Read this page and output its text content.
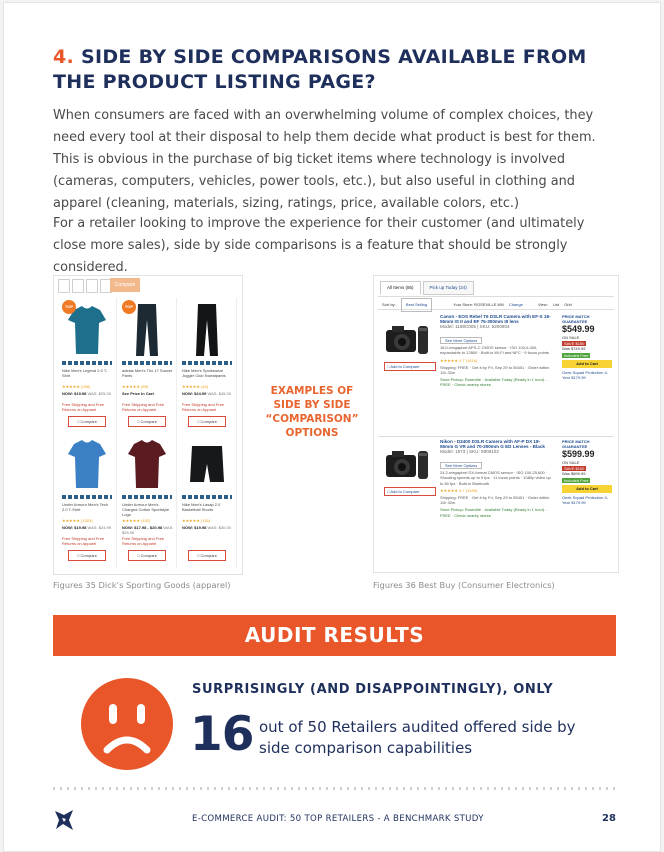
4. SIDE BY SIDE COMPARISONS AVAILABLE FROM THE PRODUCT LISTING PAGE?

When consumers are faced with an overwhelming volume of complex choices, they need every tool at their disposal to help them decide what product is best for them. This is obvious in the purchase of big ticket items where technology is involved (cameras, computers, vehicles, power tools, etc.), but also useful in clothing and apparel (cleaning, materials, sizing, ratings, price, available colors, etc.)

For a retailer looking to improve the experience for their customer (and ultimately close more sales), side by side comparisons is a feature that should be strongly considered.

Compare
Nike Men's Legend 2.0 T-Shirt
★★★★★ (256)
NOW: $19.98 WAS: $25.00
Free Shipping and Free Returns on Apparel
□ Compare
TOP
adidas Men's Tiro 17 Soccer Pants
★★★★★ (89)
See Price In Cart
Free Shipping and Free Returns on Apparel
□ Compare
TOP
Nike Men's Sportswear Jogger Club Sweatpants
★★★★★ (40)
NOW: $24.99 WAS: $45.00
Free Shipping and Free Returns on Apparel
□ Compare
Under Armour Men's Tech 2.0 T-Shirt
★★★★★ (1003)
NOW: $19.98 WAS: $24.99
Free Shipping and Free Returns on Apparel
□ Compare
Under Armour Men's Charged Cotton Sportstyle Logo
★★★★★ (152)
NOW: $17.98 - $20.98 WAS: $25.00
Free Shipping and Free Returns on Apparel
□ Compare
Nike Men's Lasap 2.0 Basketball Shorts
★★★★★ (116)
NOW: $19.98 WAS: $30.00
□ Compare
EXAMPLES OF SIDE BY SIDE “COMPARISON” OPTIONS
All Items (86)	Pick up Today (24)
Sort by:	Best Selling	Your Store: ROSEVILLE MN Change	View: List Grid
□ Add to Compare
Canon - EOS Rebel T6 DSLR Camera with EF-S 18-55mm IS II and EF 75-300mm III lens
Model: 1159C005 | SKU: 5200904
See More Options
18.0-megapixel APS-C CMOS sensor · ISO 100-6,400, expandable to 12800 · Built-in Wi-Fi and NFC · 9 focus points
★★★★★ 4.7 (1616)
Shipping: FREE · Get it by Fri, Sep 29 to 55401 · Order within 11h 32m
Store Pickup: Roseville · Available Today (Ready in 1 hour) - FREE · Check nearby stores
PRICE MATCH GUARANTEE
$549.99
ON SALE
SAVE $150
Was $749.99
Included Free
Add to Cart
Geek Squad Protection 4-Year $179.99
□ Add to Compare
Nikon - D3400 DSLR Camera with AF-P DX 18-55mm G VR and 70-300mm G ED Lenses - Black
Model: 1573 | SKU: 5909102
See More Options
24.2-megapixel DX-format CMOS sensor · ISO 100-25,600 · Shooting speeds up to 5 fps · 11 focus points · 1080p video up to 60 fps · Built-in Bluetooth
★★★★★ 4.7 (1459)
Shipping: FREE · Get it by Fri, Sep 29 to 55401 · Order within 11h 32m
Store Pickup: Roseville · Available Today (Ready in 1 hour) - FREE · Check nearby stores
PRICE MATCH GUARANTEE
$599.99
ON SALE
SAVE $100
Was $699.99
Included Free
Add to Cart
Geek Squad Protection 4-Year $179.99
Figures 35 Dick’s Sporting Goods (apparel)	Figures 36 Best Buy (Consumer Electronics)
AUDIT RESULTS
SURPRISINGLY (AND DISAPPOINTINGLY), ONLY
16 out of 50 Retailers audited offered side by side comparison capabilities
E-COMMERCE AUDIT: 50 TOP RETAILERS - A BENCHMARK STUDY	28
